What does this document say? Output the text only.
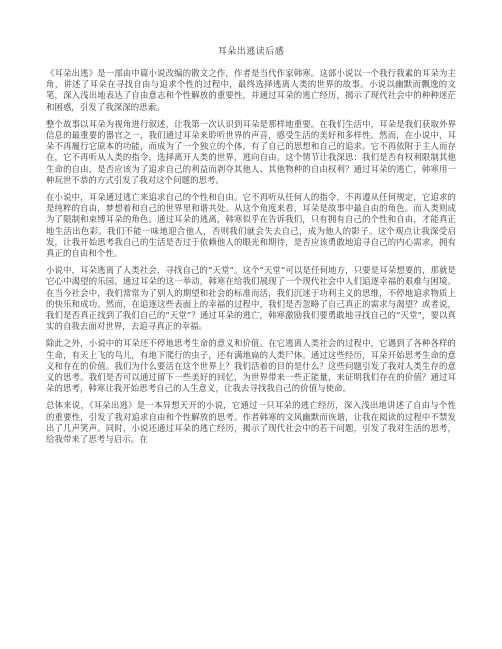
耳朵出逃读后感

《耳朵出逃》是一部由中篇小说改编的散文之作，作者是当代作家韩寒。这部小说以一个我行我素的耳朵为主角，讲述了耳朵在寻找自由与追求个性的过程中，最终选择逃离人类的世界的故事。小说以幽默而飘逸的文笔，深入浅出地表达了自由意志和个性解放的重要性，并通过耳朵的逃亡经历，揭示了现代社会中的种种迷茫和困惑，引发了我深深的思索。

整个故事以耳朵为视角进行叙述，让我第一次认识到耳朵是那样地重要。在我们生活中，耳朵是我们获取外界信息的最重要的器官之一，我们通过耳朵来聆听世界的声音，感受生活的美好和多样性。然而，在小说中，耳朵不再履行它原本的功能，而成为了一个独立的个体，有了自己的思想和自己的追求。它不再依附于主人而存在，它不再听从人类的指令，选择离开人类的世界，逃向自由。这个情节让我深思：我们是否有权利限制其他生命的自由，是否应该为了追求自己的利益而剥夺其他人、其他物种的自由权利？通过耳朵的逃亡，韩寒用一种玩世不恭的方式引发了我对这个问题的思考。

在小说中，耳朵通过逃亡来追求自己的个性和自由。它不再听从任何人的指令，不再遵从任何规定，它追求的是纯粹的自由，梦想着和自己的世界里和谐共处。从这个角度来看，耳朵是故事中最自由的角色。而人类则成为了限制和束缚耳朵的角色。通过耳朵的逃离，韩寒似乎在告诉我们，只有拥有自己的个性和自由，才能真正地生活出色彩。我们不能一味地迎合他人，否则我们就会失去自己，成为他人的影子。这个观点让我深受启发，让我开始思考我自己的生活是否过于依赖他人的眼光和期待，是否应该勇敢地追寻自己的内心需求，拥有真正的自由和个性。

小说中，耳朵逃离了人类社会，寻找自己的“天堂”。这个“天堂”可以是任何地方，只要是耳朵想要的，那就是它心中渴望的乐园。通过耳朵的这一举动，韩寒在给我们展现了一个现代社会中人们追逐幸福的艰难与困境。在当今社会中，我们常常为了别人的期望和社会的标准而活，我们沉迷于功利主义的思维，不停地追求物质上的快乐和成功。然而，在追逐这些表面上的幸福的过程中，我们是否忽略了自己真正的需求与渴望？或者说，我们是否真正找到了我们自己的“天堂”？通过耳朵的逃亡，韩寒激励我们要勇敢地寻找自己的“天堂”，要以真实的自我去面对世界，去追寻真正的幸福。

除此之外，小说中的耳朵还不停地思考生命的意义和价值。在它逃离人类社会的过程中，它遇到了各种各样的生命，有天上飞的鸟儿，有地下爬行的虫子，还有满地扁的人类尸体。通过这些经历，耳朵开始思考生命的意义和存在的价值。我们为什么要活在这个世界上？我们活着的目的是什么？这些问题引发了我对人类生存的意义的思考。我们是否可以通过留下一些美好的回忆，为世界带来一些正能量，来证明我们存在的价值？通过耳朵的思考，韩寒让我开始思考自己的人生意义，让我去寻找我自己的价值与使命。

总体来说，《耳朵出逃》是一本异想天开的小说，它通过一只耳朵的逃亡经历，深入浅出地讲述了自由与个性的重要性，引发了我对追求自由和个性解放的思考。作者韩寒的文风幽默而诙谐，让我在阅读的过程中不禁发出了几声笑声。同时，小说还通过耳朵的逃亡经历，揭示了现代社会中的若干问题，引发了我对生活的思考，给我带来了思考与启示。在
